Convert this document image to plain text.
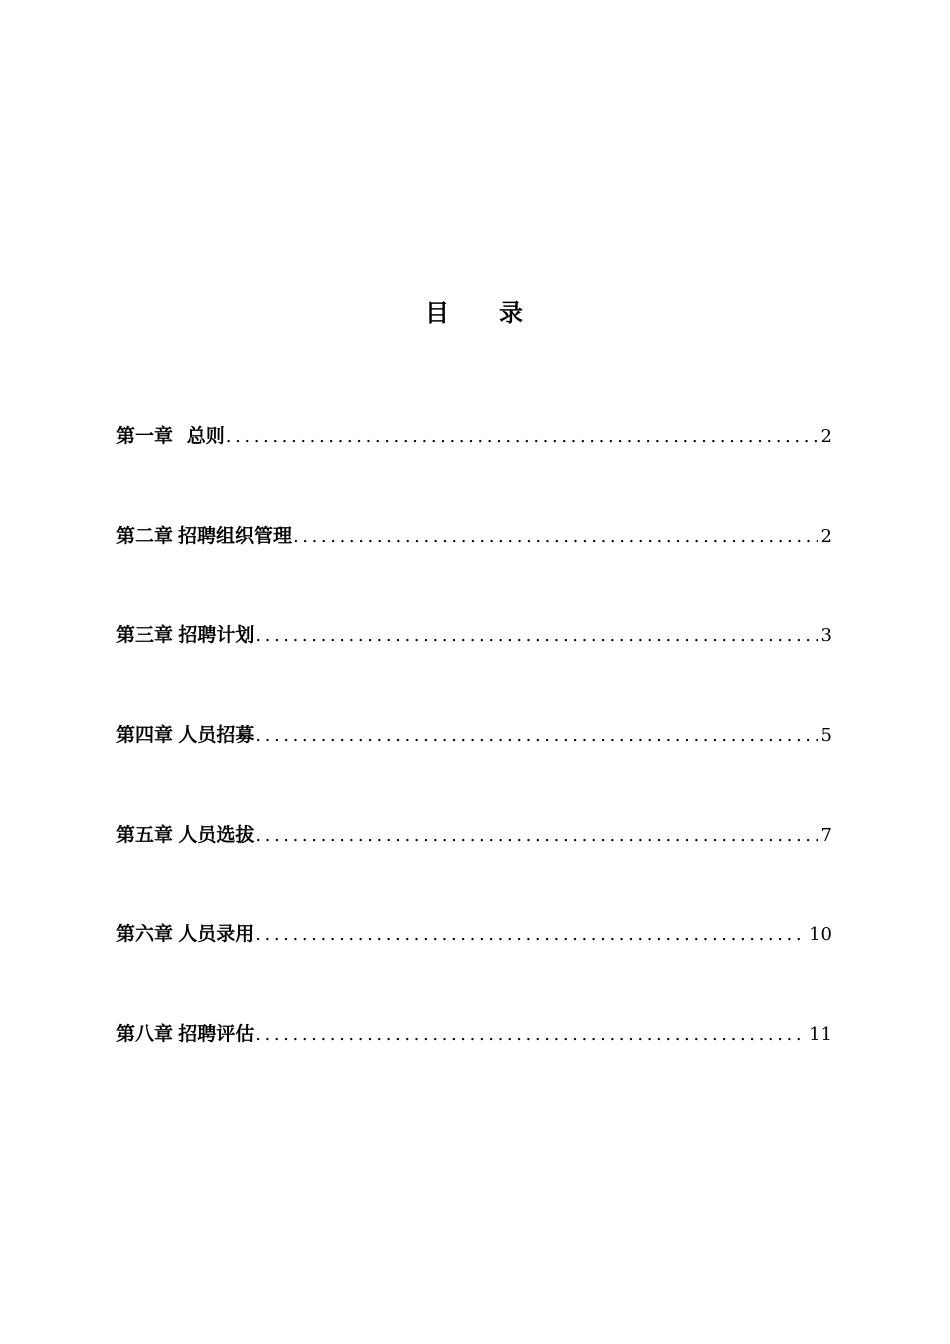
目 录
第一章 总则 .....	2
第二章 招聘组织管理 .....	2
第三章 招聘计划 .....	3
第四章 人员招募 .....	5
第五章 人员选拔 .....	7
第六章 人员录用 .....	10
第八章 招聘评估 .....	11
